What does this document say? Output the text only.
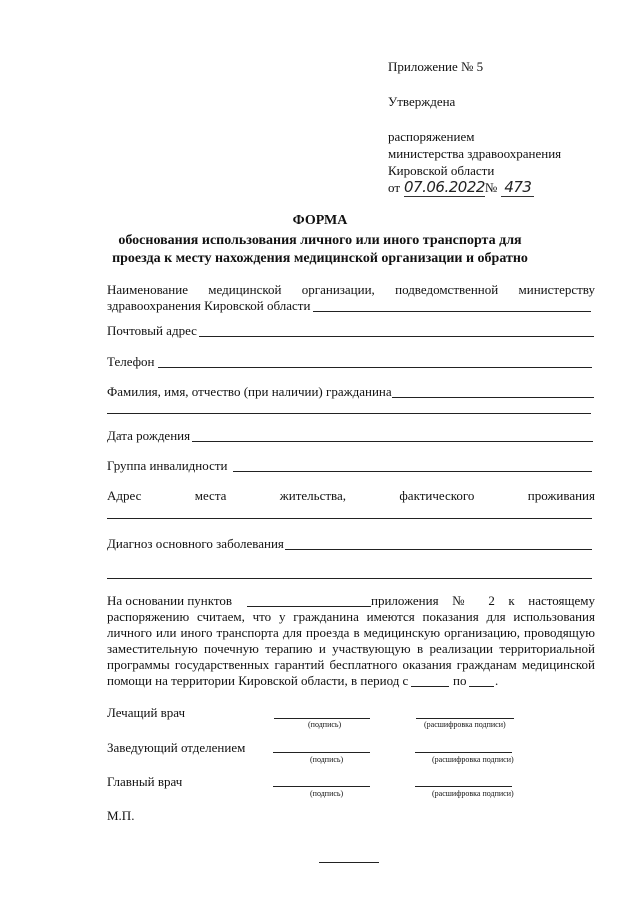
Приложение № 5
Утверждена
распоряжением
министерства здравоохранения
Кировской области
от 07.06.2022№ 473
ФОРМА
обоснования использования личного или иного транспорта для
проезда к месту нахождения медицинской организации и обратно
Наименование медицинской организации, подведомственной министерству
здравоохранения Кировской области
Почтовый адрес
Телефон
Фамилия, имя, отчество (при наличии) гражданина
Дата рождения
Группа инвалидности
Адрес места жительства, фактического проживания
Диагноз основного заболевания
На основании пунктов	приложения № 2 к настоящему
распоряжению считаем, что у гражданина имеются показания для использования
личного или иного транспорта для проезда в медицинскую организацию, проводящую
заместительную почечную терапию и участвующую в реализации территориальной
программы государственных гарантий бесплатного оказания гражданам медицинской
помощи на территории Кировской области, в период с	по .
Лечащий врач
(подпись)	(расшифровка подписи)
Заведующий отделением
(подпись)	(расшифровка подписи)
Главный врач
(подпись)	(расшифровка подписи)
М.П.
